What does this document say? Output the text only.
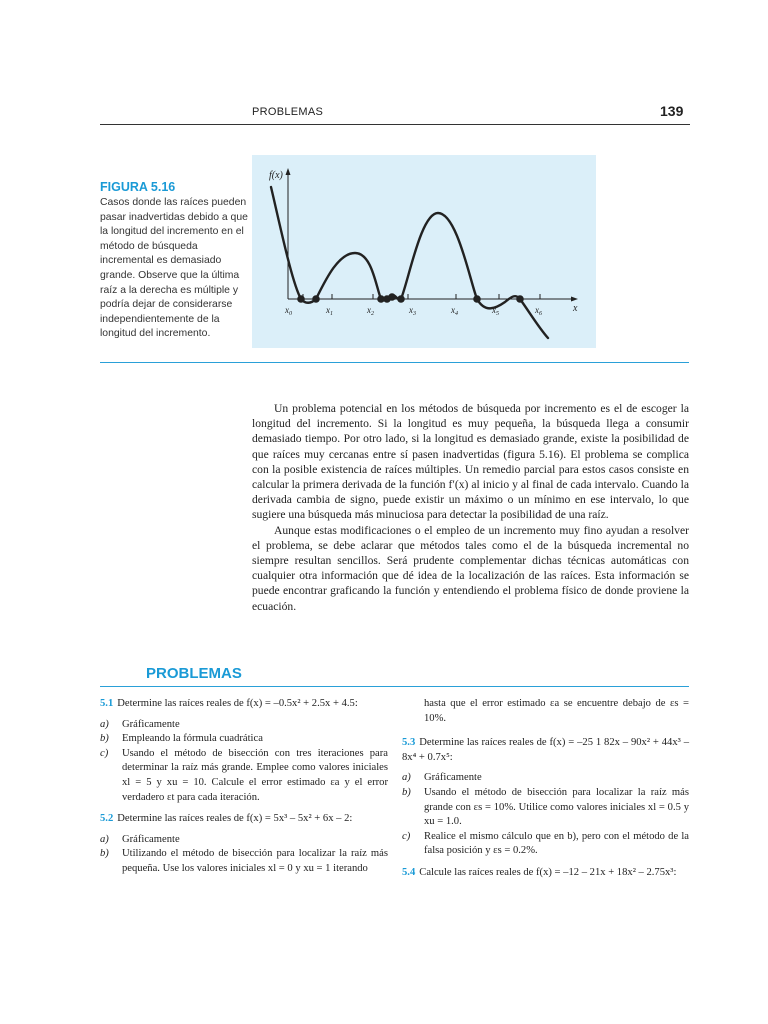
PROBLEMAS	139
FIGURA 5.16
Casos donde las raíces pueden pasar inadvertidas debido a que la longitud del incremento en el método de búsqueda incremental es demasiado grande. Observe que la última raíz a la derecha es múltiple y podría dejar de considerarse independientemente de la longitud del incremento.
f(x)
x
$x_0$	$x_1$	$x_2$	$x_3$	$x_4$	$x_5$	$x_6$

Un problema potencial en los métodos de búsqueda por incremento es el de escoger la longitud del incremento. Si la longitud es muy pequeña, la búsqueda llega a consumir demasiado tiempo. Por otro lado, si la longitud es demasiado grande, existe la posibilidad de que raíces muy cercanas entre sí pasen inadvertidas (figura 5.16). El problema se complica con la posible existencia de raíces múltiples. Un remedio parcial para estos casos consiste en calcular la primera derivada de la función f′(x) al inicio y al final de cada intervalo. Cuando la derivada cambia de signo, puede existir un máximo o un mínimo en ese intervalo, lo que sugiere una búsqueda más minuciosa para detectar la posibilidad de una raíz.

Aunque estas modificaciones o el empleo de un incremento muy fino ayudan a resolver el problema, se debe aclarar que métodos tales como el de la búsqueda incremental no siempre resultan sencillos. Será prudente complementar dichas técnicas automáticas con cualquier otra información que dé idea de la localización de las raíces. Esta información se puede encontrar graficando la función y entendiendo el problema físico de donde proviene la ecuación.

PROBLEMAS
5.1 Determine las raíces reales de f(x) = –0.5x² + 2.5x + 4.5:
a)	Gráficamente
b)	Empleando la fórmula cuadrática
c)	Usando el método de bisección con tres iteraciones para determinar la raíz más grande. Emplee como valores iniciales xl = 5 y xu = 10. Calcule el error estimado εa y el error verdadero εt para cada iteración.
5.2 Determine las raíces reales de f(x) = 5x³ – 5x² + 6x – 2:
a)	Gráficamente
b)	Utilizando el método de bisección para localizar la raíz más pequeña. Use los valores iniciales xl = 0 y xu = 1 iterando
hasta que el error estimado εa se encuentre debajo de εs = 10%.
5.3 Determine las raíces reales de f(x) = –25 1 82x – 90x² + 44x³ – 8x⁴ + 0.7x⁵:
a)	Gráficamente
b)	Usando el método de bisección para localizar la raíz más grande con εs = 10%. Utilice como valores iniciales xl = 0.5 y xu = 1.0.
c)	Realice el mismo cálculo que en b), pero con el método de la falsa posición y εs = 0.2%.
5.4 Calcule las raíces reales de f(x) = –12 – 21x + 18x² – 2.75x³:
